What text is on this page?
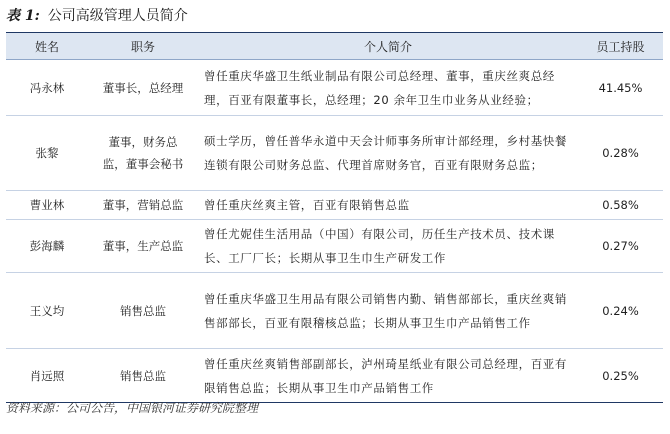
表 1: 公司高级管理人员简介
姓名	职务	个人简介	员工持股
冯永林	董事长，总经理	曾任重庆华盛卫生纸业制品有限公司总经理、董事，重庆丝爽总经理，百亚有限董事长，总经理；20 余年卫生巾业务从业经验；	41.45%
张黎	董事，财务总监，董事会秘书	硕士学历，曾任普华永道中天会计师事务所审计部经理，乡村基快餐连锁有限公司财务总监、代理首席财务官，百亚有限财务总监；	0.28%
曹业林	董事，营销总监	曾任重庆丝爽主管，百亚有限销售总监	0.58%
彭海麟	董事，生产总监	曾任尤妮佳生活用品（中国）有限公司，历任生产技术员、技术课长、工厂厂长；长期从事卫生巾生产研发工作	0.27%
王义均	销售总监	曾任重庆华盛卫生用品有限公司销售内勤、销售部部长，重庆丝爽销售部部长，百亚有限稽核总监；长期从事卫生巾产品销售工作	0.24%
肖远照	销售总监	曾任重庆丝爽销售部副部长，泸州琦星纸业有限公司总经理，百亚有限销售总监；长期从事卫生巾产品销售工作	0.25%
资料来源：公司公告，中国银河证券研究院整理
